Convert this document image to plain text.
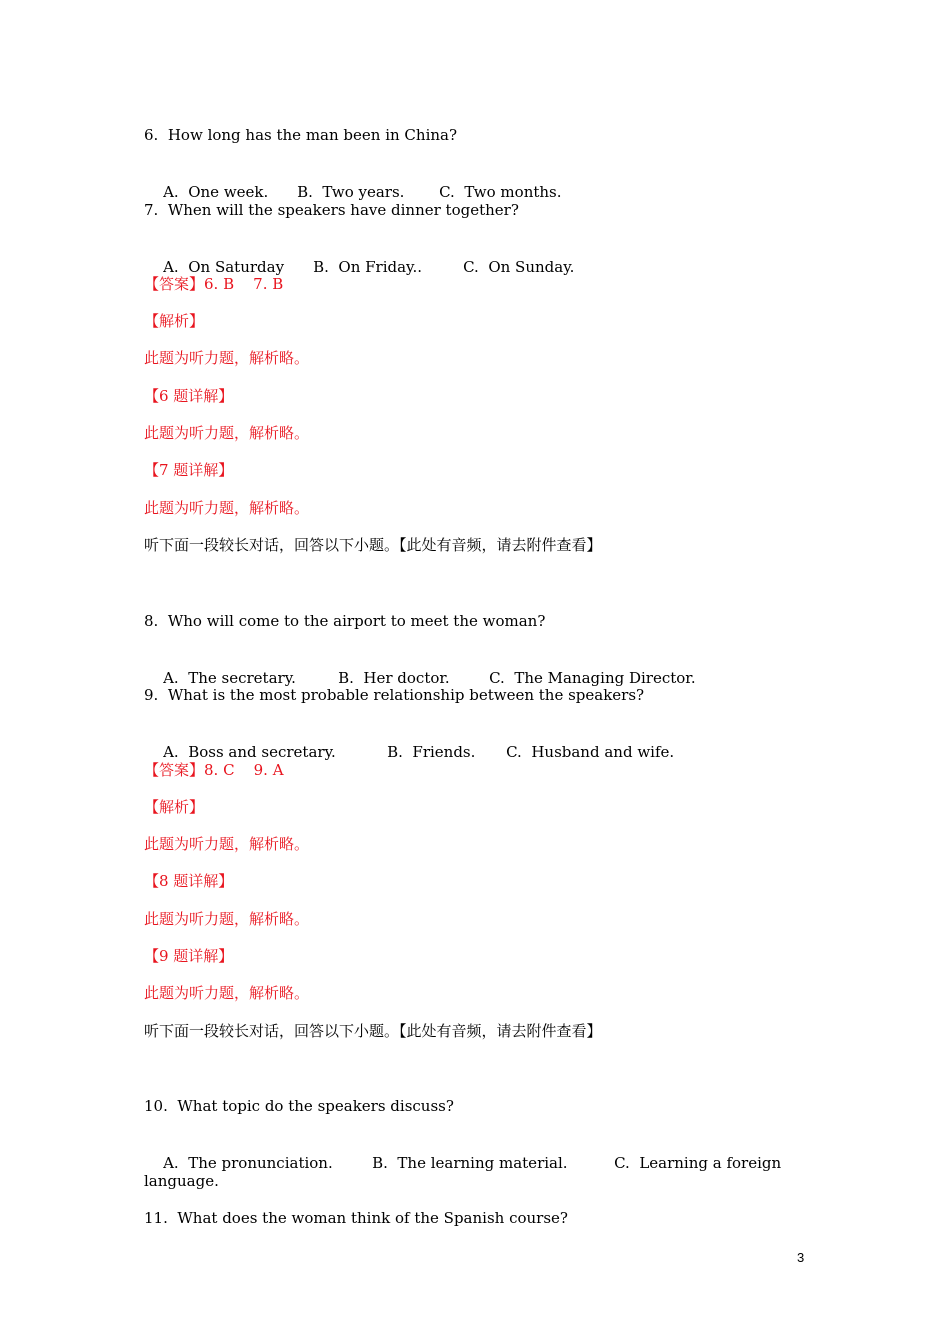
6.  How long has the man been in China?

A.  One week. B.  Two years. C.  Two months.

7.  When will the speakers have dinner together?

A.  On Saturday B.  On Friday..	C.  On Sunday.

【答案】6. B    7. B
【解析】
此题为听力题，解析略。
【6 题详解】
此题为听力题，解析略。
【7 题详解】
此题为听力题，解析略。
听下面一段较长对话，回答以下小题。【此处有音频，请去附件查看】
8.  Who will come to the airport to meet the woman?

A.  The secretary.	B.  Her doctor.	C.  The Managing Director.

9.  What is the most probable relationship between the speakers?

A.  Boss and secretary.	B.  Friends. C.  Husband and wife.

【答案】8. C    9. A
【解析】
此题为听力题，解析略。
【8 题详解】
此题为听力题，解析略。
【9 题详解】
此题为听力题，解析略。
听下面一段较长对话，回答以下小题。【此处有音频，请去附件查看】
10.  What topic do the speakers discuss?

A.  The pronunciation.	B.  The learning material.	C.  Learning a foreign

language.
11.  What does the woman think of the Spanish course?
3
